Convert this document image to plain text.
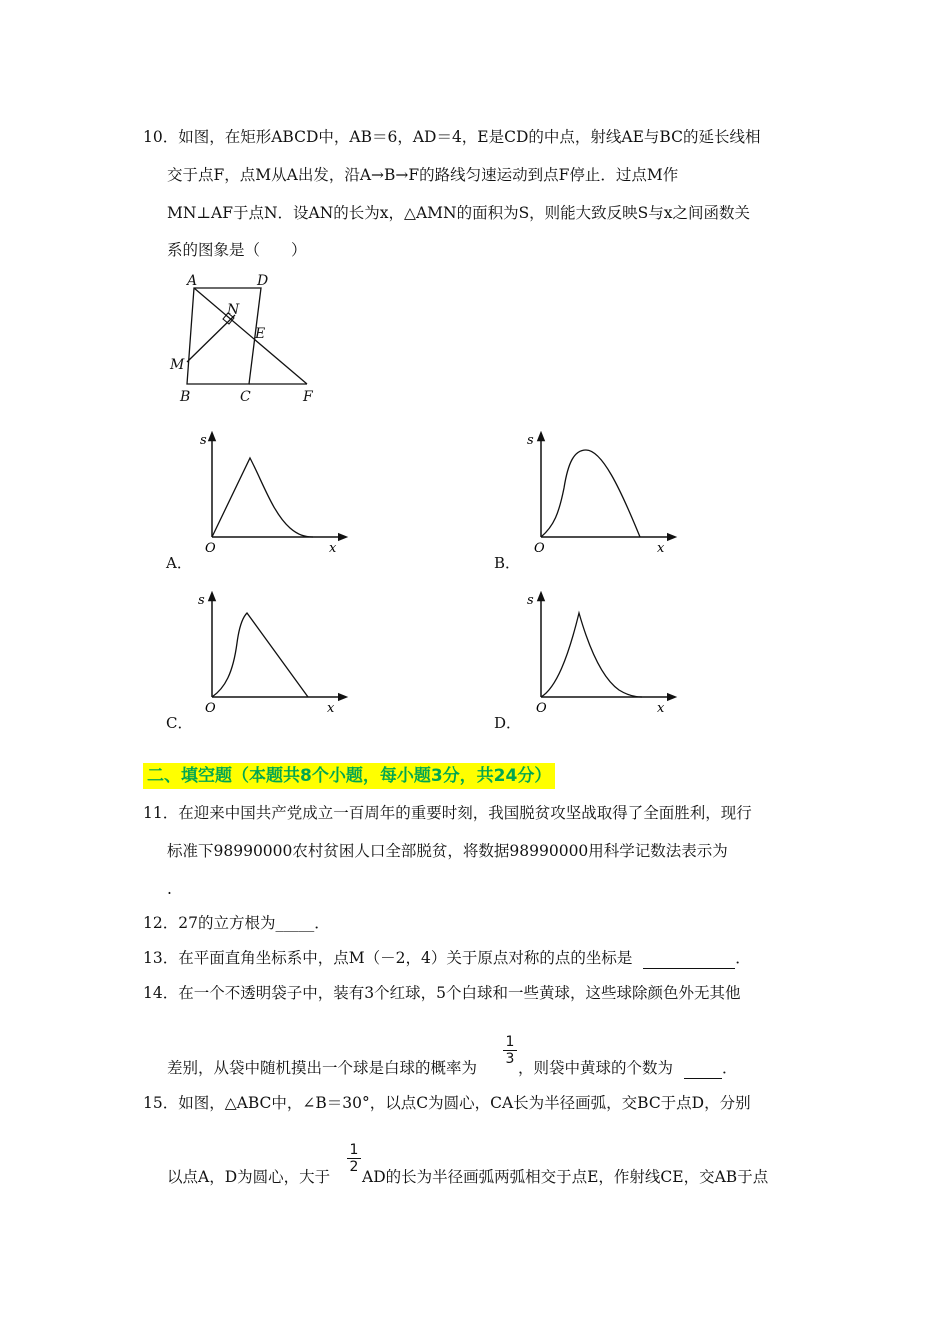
10．如图，在矩形ABCD中，AB＝6，AD＝4，E是CD的中点，射线AE与BC的延长线相
交于点F，点M从A出发，沿A→B→F的路线匀速运动到点F停止．过点M作
MN⊥AF于点N．设AN的长为x，△AMN的面积为S，则能大致反映S与x之间函数关
系的图象是（　　）
A	D
N
E
M
B	C	F
s
O	x
A．
s
O	x
B．
s
O	x
C．
s
O	x
D．
二、填空题（本题共8个小题，每小题3分，共24分）
11．在迎来中国共产党成立一百周年的重要时刻，我国脱贫攻坚战取得了全面胜利，现行
标准下98990000农村贫困人口全部脱贫，将数据98990000用科学记数法表示为
.
12．27的立方根为_____．
13．在平面直角坐标系中，点M（－2，4）关于原点对称的点的坐标是	．
14．在一个不透明袋子中，装有3个红球，5个白球和一些黄球，这些球除颜色外无其他
$\frac{1}{3}$
差别，从袋中随机摸出一个球是白球的概率为	，则袋中黄球的个数为	．
15．如图，△ABC中，∠B＝30°，以点C为圆心，CA长为半径画弧，交BC于点D，分别
$\frac{1}{2}$
以点A，D为圆心，大于 AD的长为半径画弧两弧相交于点E，作射线CE，交AB于点
